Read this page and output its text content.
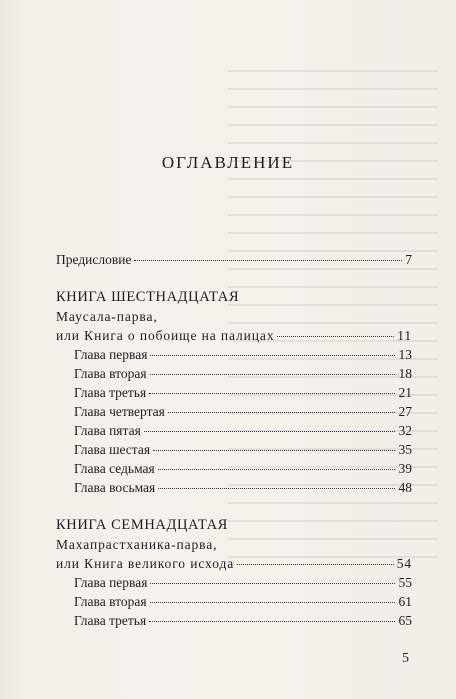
оглавление
Предисловие	7
КНИГА ШЕСТНАДЦАТАЯ
Маусала-парва,
или Книга о побоище на палицах	11
Глава первая	13
Глава вторая	18
Глава третья	21
Глава четвертая	27
Глава пятая	32
Глава шестая	35
Глава седьмая	39
Глава восьмая	48
КНИГА СЕМНАДЦАТАЯ
Махапрастханика-парва,
или Книга великого исхода	54
Глава первая	55
Глава вторая	61
Глава третья	65
5
